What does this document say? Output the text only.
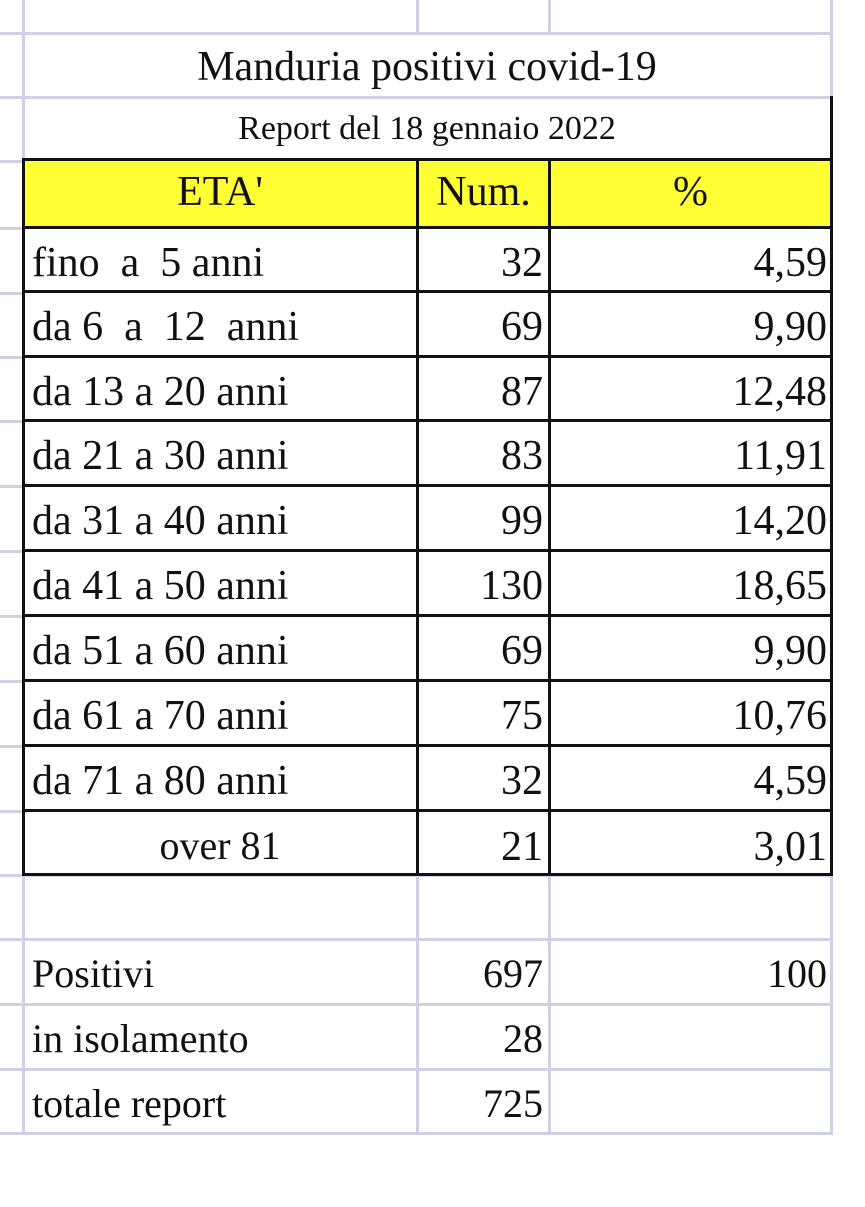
Manduria positivi covid-19
Report del 18 gennaio 2022
ETA'	Num.	%
fino  a  5 anni	32	4,59
da 6  a  12  anni	69	9,90
da 13 a 20 anni	87	12,48
da 21 a 30 anni	83	11,91
da 31 a 40 anni	99	14,20
da 41 a 50 anni	130	18,65
da 51 a 60 anni	69	9,90
da 61 a 70 anni	75	10,76
da 71 a 80 anni	32	4,59
over 81	21	3,01
Positivi	697	100
in isolamento	28
totale report	725
